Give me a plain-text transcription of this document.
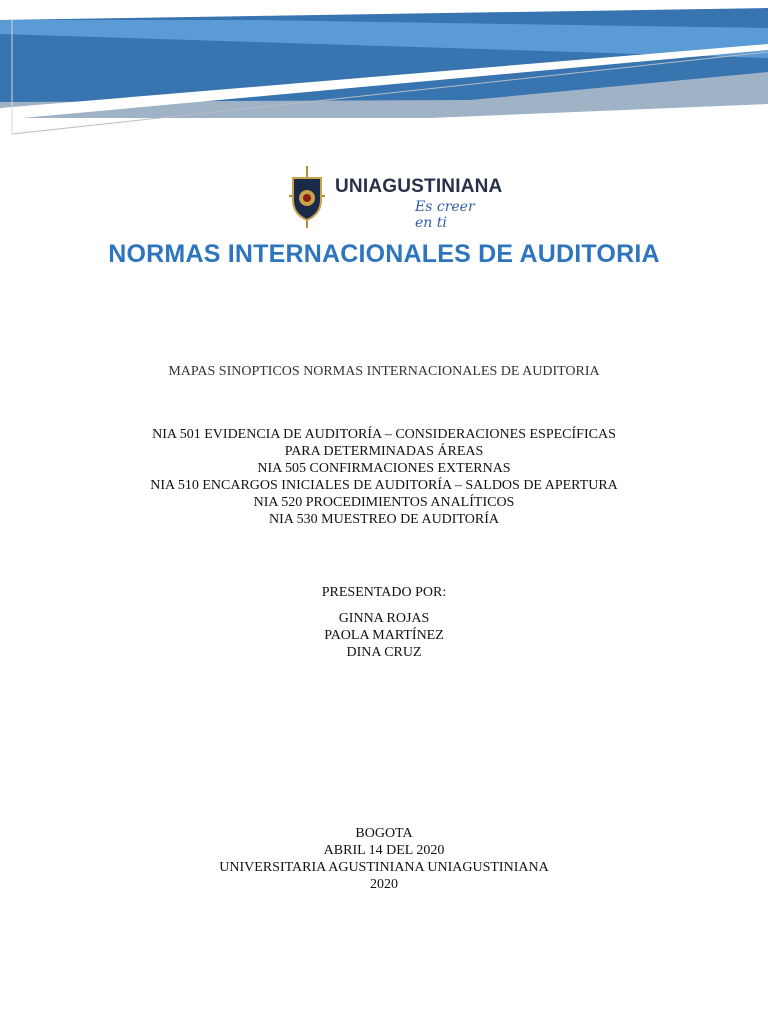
UNIAGUSTINIANA
Es creer en ti
NORMAS INTERNACIONALES DE AUDITORIA

MAPAS SINOPTICOS NORMAS INTERNACIONALES DE AUDITORIA

NIA 501 EVIDENCIA DE AUDITORÍA – CONSIDERACIONES ESPECÍFICAS
PARA DETERMINADAS ÁREAS
NIA 505 CONFIRMACIONES EXTERNAS
NIA 510 ENCARGOS INICIALES DE AUDITORÍA – SALDOS DE APERTURA
NIA 520 PROCEDIMIENTOS ANALÍTICOS
NIA 530 MUESTREO DE AUDITORÍA
PRESENTADO POR:
GINNA ROJAS
PAOLA MARTÍNEZ
DINA CRUZ
BOGOTA
ABRIL 14 DEL 2020
UNIVERSITARIA AGUSTINIANA UNIAGUSTINIANA
2020
